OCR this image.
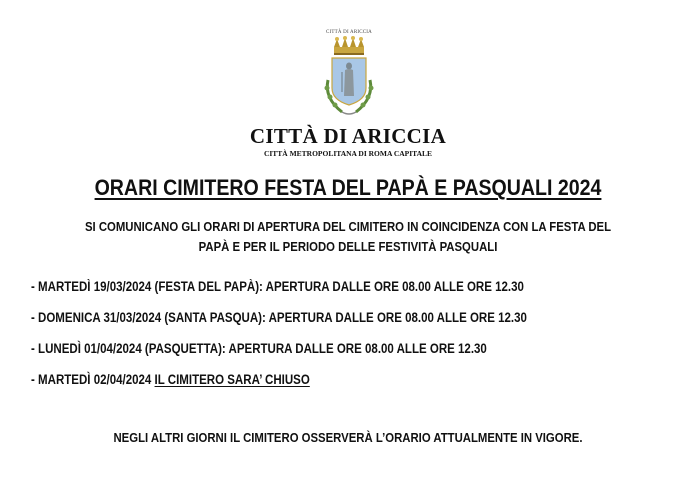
CITTÀ DI ARICCIA
CITTÀ DI ARICCIA
CITTÀ METROPOLITANA DI ROMA CAPITALE
ORARI CIMITERO FESTA DEL PAPÀ E PASQUALI 2024
SI COMUNICANO GLI ORARI DI APERTURA DEL CIMITERO IN COINCIDENZA CON LA FESTA DEL
PAPÀ E PER IL PERIODO DELLE FESTIVITÀ PASQUALI
- MARTEDÌ 19/03/2024 (FESTA DEL PAPÀ): APERTURA DALLE ORE 08.00 ALLE ORE 12.30
- DOMENICA 31/03/2024 (SANTA PASQUA): APERTURA DALLE ORE 08.00 ALLE ORE 12.30
- LUNEDÌ 01/04/2024 (PASQUETTA): APERTURA DALLE ORE 08.00 ALLE ORE 12.30
- MARTEDÌ 02/04/2024 IL CIMITERO SARA’ CHIUSO
NEGLI ALTRI GIORNI IL CIMITERO OSSERVERÀ L’ORARIO ATTUALMENTE IN VIGORE.
